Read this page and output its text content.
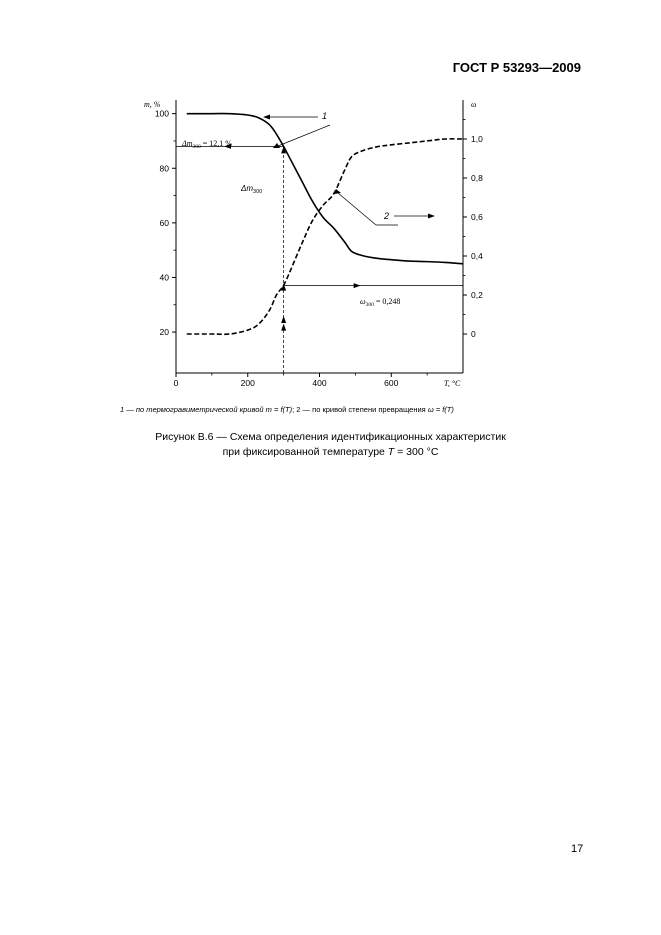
ГОСТ Р 53293—2009
0	200	400	600
20
40
60
80
100
0
0,2
0,4
0,6
0,8
1,0
m, %	ω
T, °C
$\Delta m_{300} = 12,1$ %
$\Delta m_{300}$
$\omega_{300} = 0,248$
1
2
1 — по термогравиметрической кривой m = f(T); 2 — по кривой степени превращения ω = f(T)
Рисунок В.6 — Схема определения идентификационных характеристик
при фиксированной температуре T = 300 °С
17
